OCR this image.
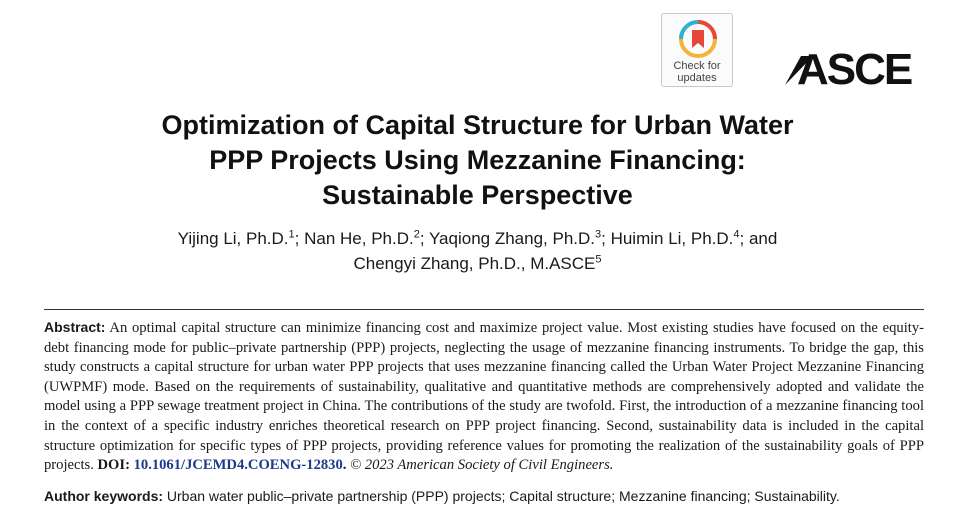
Check for
updates	ASCE
Optimization of Capital Structure for Urban Water
PPP Projects Using Mezzanine Financing:
Sustainable Perspective

Yijing Li, Ph.D.$^1$; Nan He, Ph.D.$^2$; Yaqiong Zhang, Ph.D.$^3$; Huimin Li, Ph.D.$^4$; and
Chengyi Zhang, Ph.D., M.ASCE$^5$

Abstract: An optimal capital structure can minimize financing cost and maximize project value. Most existing studies have focused on the equity-debt financing mode for public–private partnership (PPP) projects, neglecting the usage of mezzanine financing instruments. To bridge the gap, this study constructs a capital structure for urban water PPP projects that uses mezzanine financing called the Urban Water Project Mezzanine Financing (UWPMF) mode. Based on the requirements of sustainability, qualitative and quantitative methods are comprehensively adopted and validate the model using a PPP sewage treatment project in China. The contributions of the study are twofold. First, the introduction of a mezzanine financing tool in the context of a specific industry enriches theoretical research on PPP project financing. Second, sustainability data is included in the capital structure optimization for specific types of PPP projects, providing reference values for promoting the realization of the sustainability goals of PPP projects. DOI: 10.1061/JCEMD4.COENG-12830. © 2023 American Society of Civil Engineers.

Author keywords: Urban water public–private partnership (PPP) projects; Capital structure; Mezzanine financing; Sustainability.
